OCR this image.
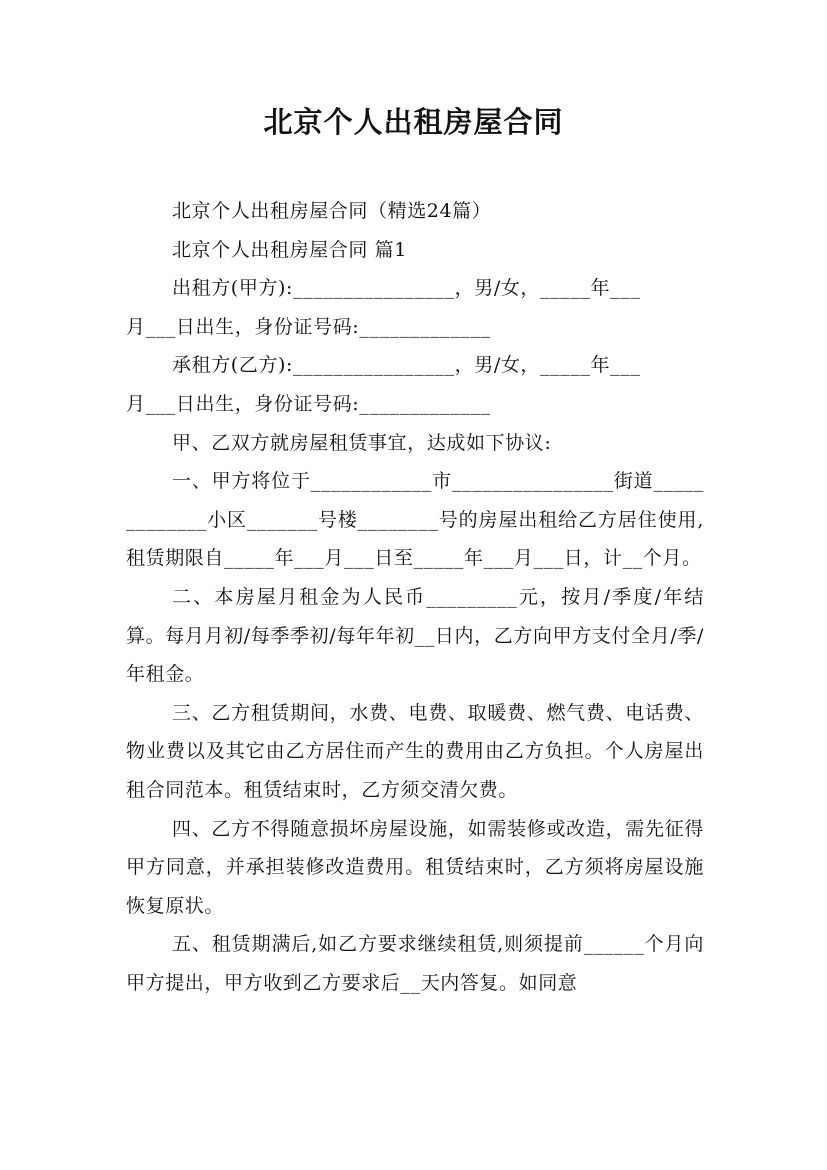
北京个人出租房屋合同
北京个人出租房屋合同（精选24篇）
北京个人出租房屋合同 篇1
出租方(甲方):________________，男/女，_____年___
月___日出生，身份证号码:_____________
承租方(乙方):________________，男/女，_____年___
月___日出生，身份证号码:_____________
甲、乙双方就房屋租赁事宜，达成如下协议:

一、甲方将位于____________市________________街道_____________小区_______号楼________号的房屋出租给乙方居住使用,租赁期限自_____年___月___日至_____年___月___日，计__个月。

二、本房屋月租金为人民币_________元，按月/季度/年结算。每月月初/每季季初/每年年初__日内，乙方向甲方支付全月/季/年租金。

三、乙方租赁期间，水费、电费、取暖费、燃气费、电话费、物业费以及其它由乙方居住而产生的费用由乙方负担。个人房屋出租合同范本。租赁结束时，乙方须交清欠费。

四、乙方不得随意损坏房屋设施，如需装修或改造，需先征得甲方同意，并承担装修改造费用。租赁结束时，乙方须将房屋设施恢复原状。

五、租赁期满后,如乙方要求继续租赁,则须提前______个月向甲方提出，甲方收到乙方要求后__天内答复。如同意
